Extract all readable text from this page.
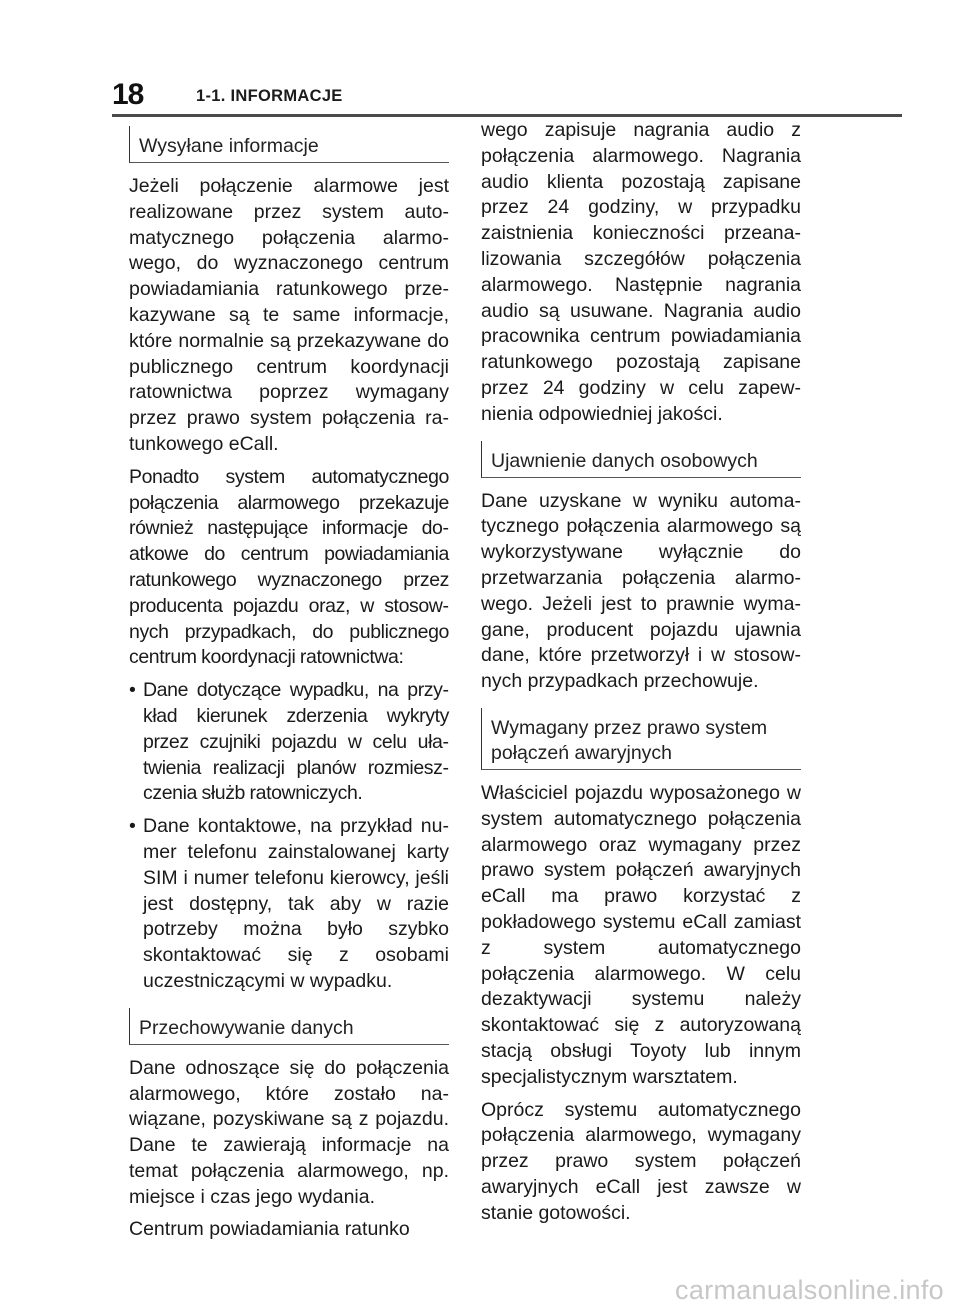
18	1-1. INFORMACJE
Wysyłane informacje

Jeżeli połączenie alarmowe jest realizowane przez system automatycznego połączenia alarmowego, do wyznaczonego centrum powiadamiania ratunkowego przekazywane są te same informacje, które normalnie są przekazywane do publicznego centrum koordynacji ratownictwa poprzez wymagany przez prawo system połączenia ratunkowego eCall.

Ponadto system automatycznego połączenia alarmowego przekazuje również następujące informacje doatkowe do centrum powiadamiania ratunkowego wyznaczonego przez producenta pojazdu oraz, w stosownych przypadkach, do publicznego centrum koordynacji ratownictwa:

• Dane dotyczące wypadku, na przykład kierunek zderzenia wykryty przez czujniki pojazdu w celu ułatwienia realizacji planów rozmieszczenia służb ratowniczych.
• Dane kontaktowe, na przykład numer telefonu zainstalowanej karty SIM i numer telefonu kierowcy, jeśli jest dostępny, tak aby w razie potrzeby można było szybko skontaktować się z osobami uczestniczącymi w wypadku.
Przechowywanie danych

Dane odnoszące się do połączenia alarmowego, które zostało nawiązane, pozyskiwane są z pojazdu. Dane te zawierają informacje na temat połączenia alarmowego, np. miejsce i czas jego wydania.

Centrum powiadamiania ratunko

wego zapisuje nagrania audio z połączenia alarmowego. Nagrania audio klienta pozostają zapisane przez 24 godziny, w przypadku zaistnienia konieczności przeanalizowania szczegółów połączenia alarmowego. Następnie nagrania audio są usuwane. Nagrania audio pracownika centrum powiadamiania ratunkowego pozostają zapisane przez 24 godziny w celu zapewnienia odpowiedniej jakości.

Ujawnienie danych osobowych

Dane uzyskane w wyniku automatycznego połączenia alarmowego są wykorzystywane wyłącznie do przetwarzania połączenia alarmowego. Jeżeli jest to prawnie wymagane, producent pojazdu ujawnia dane, które przetworzył i w stosownych przypadkach przechowuje.

Wymagany przez prawo system połączeń awaryjnych

Właściciel pojazdu wyposażonego w system automatycznego połączenia alarmowego oraz wymagany przez prawo system połączeń awaryjnych eCall ma prawo korzystać z pokładowego systemu eCall zamiast z system automatycznego połączenia alarmowego. W celu dezaktywacji systemu należy skontaktować się z autoryzowaną stacją obsługi Toyoty lub innym specjalistycznym warsztatem.

Oprócz systemu automatycznego połączenia alarmowego, wymagany przez prawo system połączeń awaryjnych eCall jest zawsze w stanie gotowości.

carmanualsonline.info
